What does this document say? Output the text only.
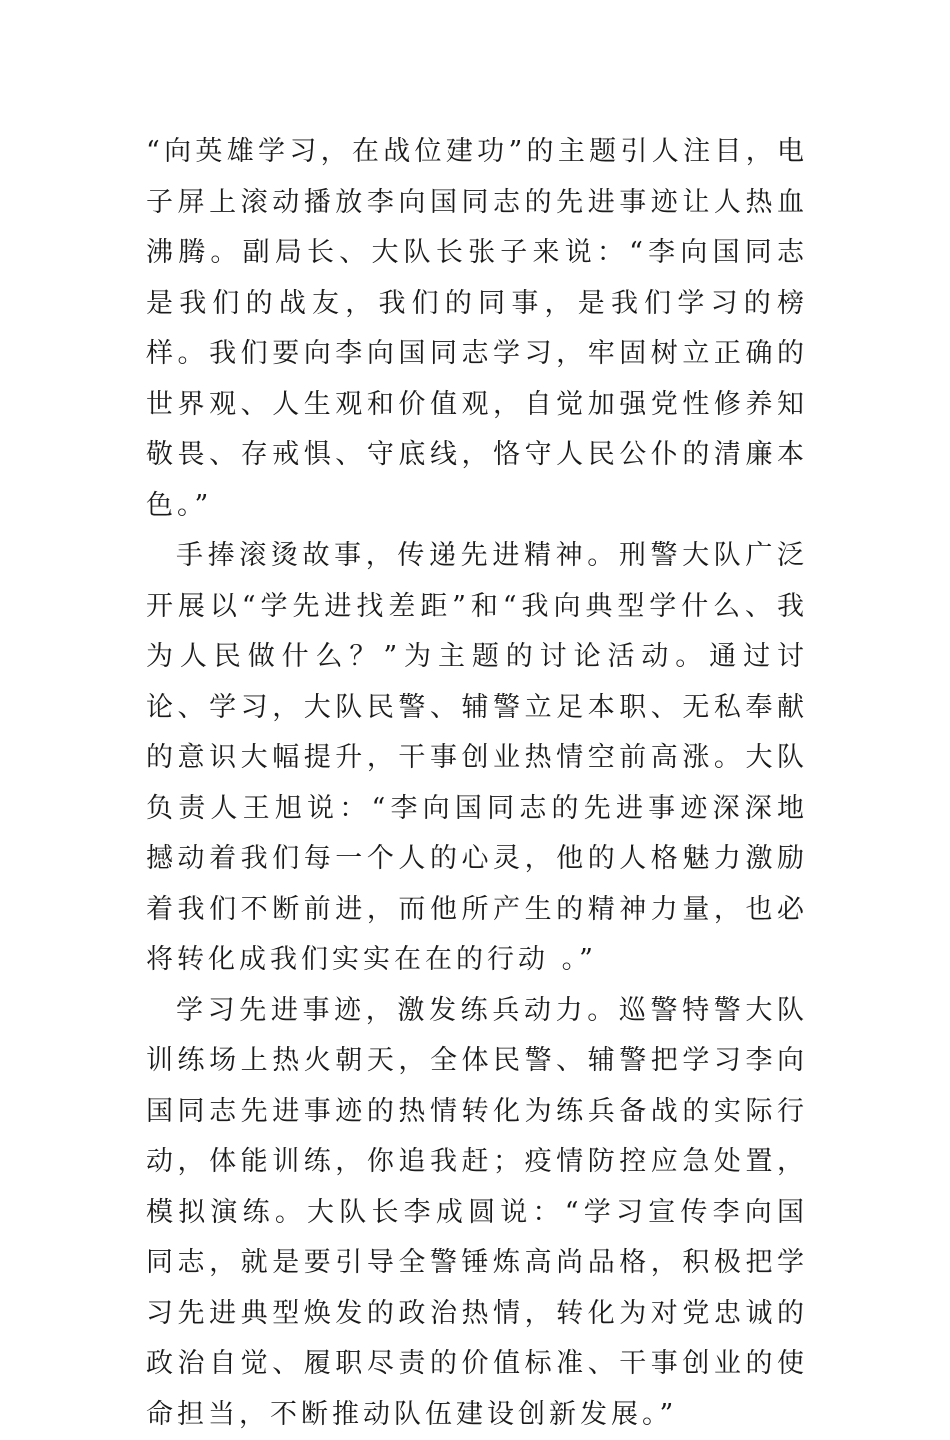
“向英雄学习，在战位建功”的主题引人注目，电子屏上滚动播放李向国同志的先进事迹让人热血沸腾。副局长、大队长张子来说：“李向国同志是我们的战友，我们的同事，是我们学习的榜样。我们要向李向国同志学习，牢固树立正确的世界观、人生观和价值观，自觉加强党性修养知敬畏、存戒惧、守底线，恪守人民公仆的清廉本色。”

手捧滚烫故事，传递先进精神。刑警大队广泛开展以“学先进找差距”和“我向典型学什么、我为人民做什么？”为主题的讨论活动。通过讨论、学习，大队民警、辅警立足本职、无私奉献的意识大幅提升，干事创业热情空前高涨。大队负责人王旭说：“李向国同志的先进事迹深深地撼动着我们每一个人的心灵，他的人格魅力激励着我们不断前进，而他所产生的精神力量，也必将转化成我们实实在在的行动 。”

学习先进事迹，激发练兵动力。巡警特警大队训练场上热火朝天，全体民警、辅警把学习李向国同志先进事迹的热情转化为练兵备战的实际行动，体能训练，你追我赶；疫情防控应急处置，模拟演练。大队长李成圆说：“学习宣传李向国同志，就是要引导全警锤炼高尚品格，积极把学习先进典型焕发的政治热情，转化为对党忠诚的政治自觉、履职尽责的价值标准、干事创业的使命担当，不断推动队伍建设创新发展。”
